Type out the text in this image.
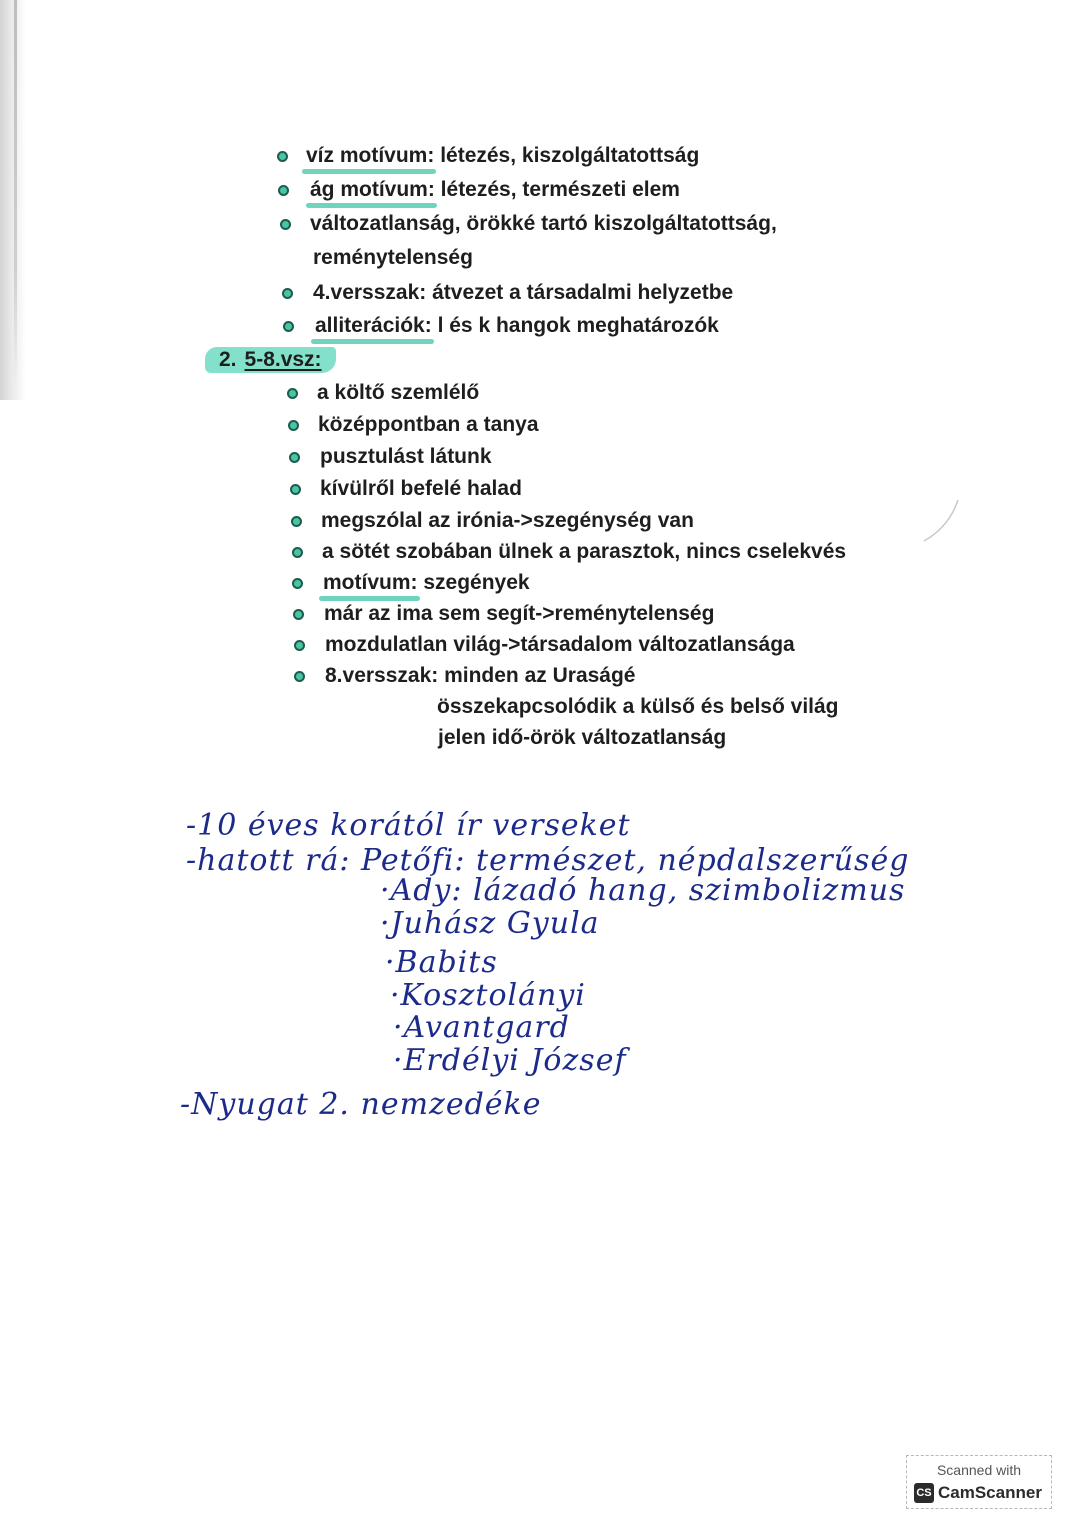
víz motívum: létezés, kiszolgáltatottság
ág motívum: létezés, természeti elem
változatlanság, örökké tartó kiszolgáltatottság,
reménytelenség
4.versszak: átvezet a társadalmi helyzetbe
alliterációk: l és k hangok meghatározók
2. 5-8.vsz:
a költő szemlélő
középpontban a tanya
pusztulást látunk
kívülről befelé halad
megszólal az irónia->szegénység van
a sötét szobában ülnek a parasztok, nincs cselekvés
motívum: szegények
már az ima sem segít->reménytelenség
mozdulatlan világ->társadalom változatlansága
8.versszak: minden az Uraságé
összekapcsolódik a külső és belső világ
jelen idő-örök változatlanság
-10 éves korától ír verseket
-hatott rá: Petőfi: természet, népdalszerűség
·Ady: lázadó hang, szimbolizmus
·Juhász Gyula
·Babits
·Kosztolányi
·Avantgard
·Erdélyi József
-Nyugat 2. nemzedéke
Scanned with
CS CamScanner
